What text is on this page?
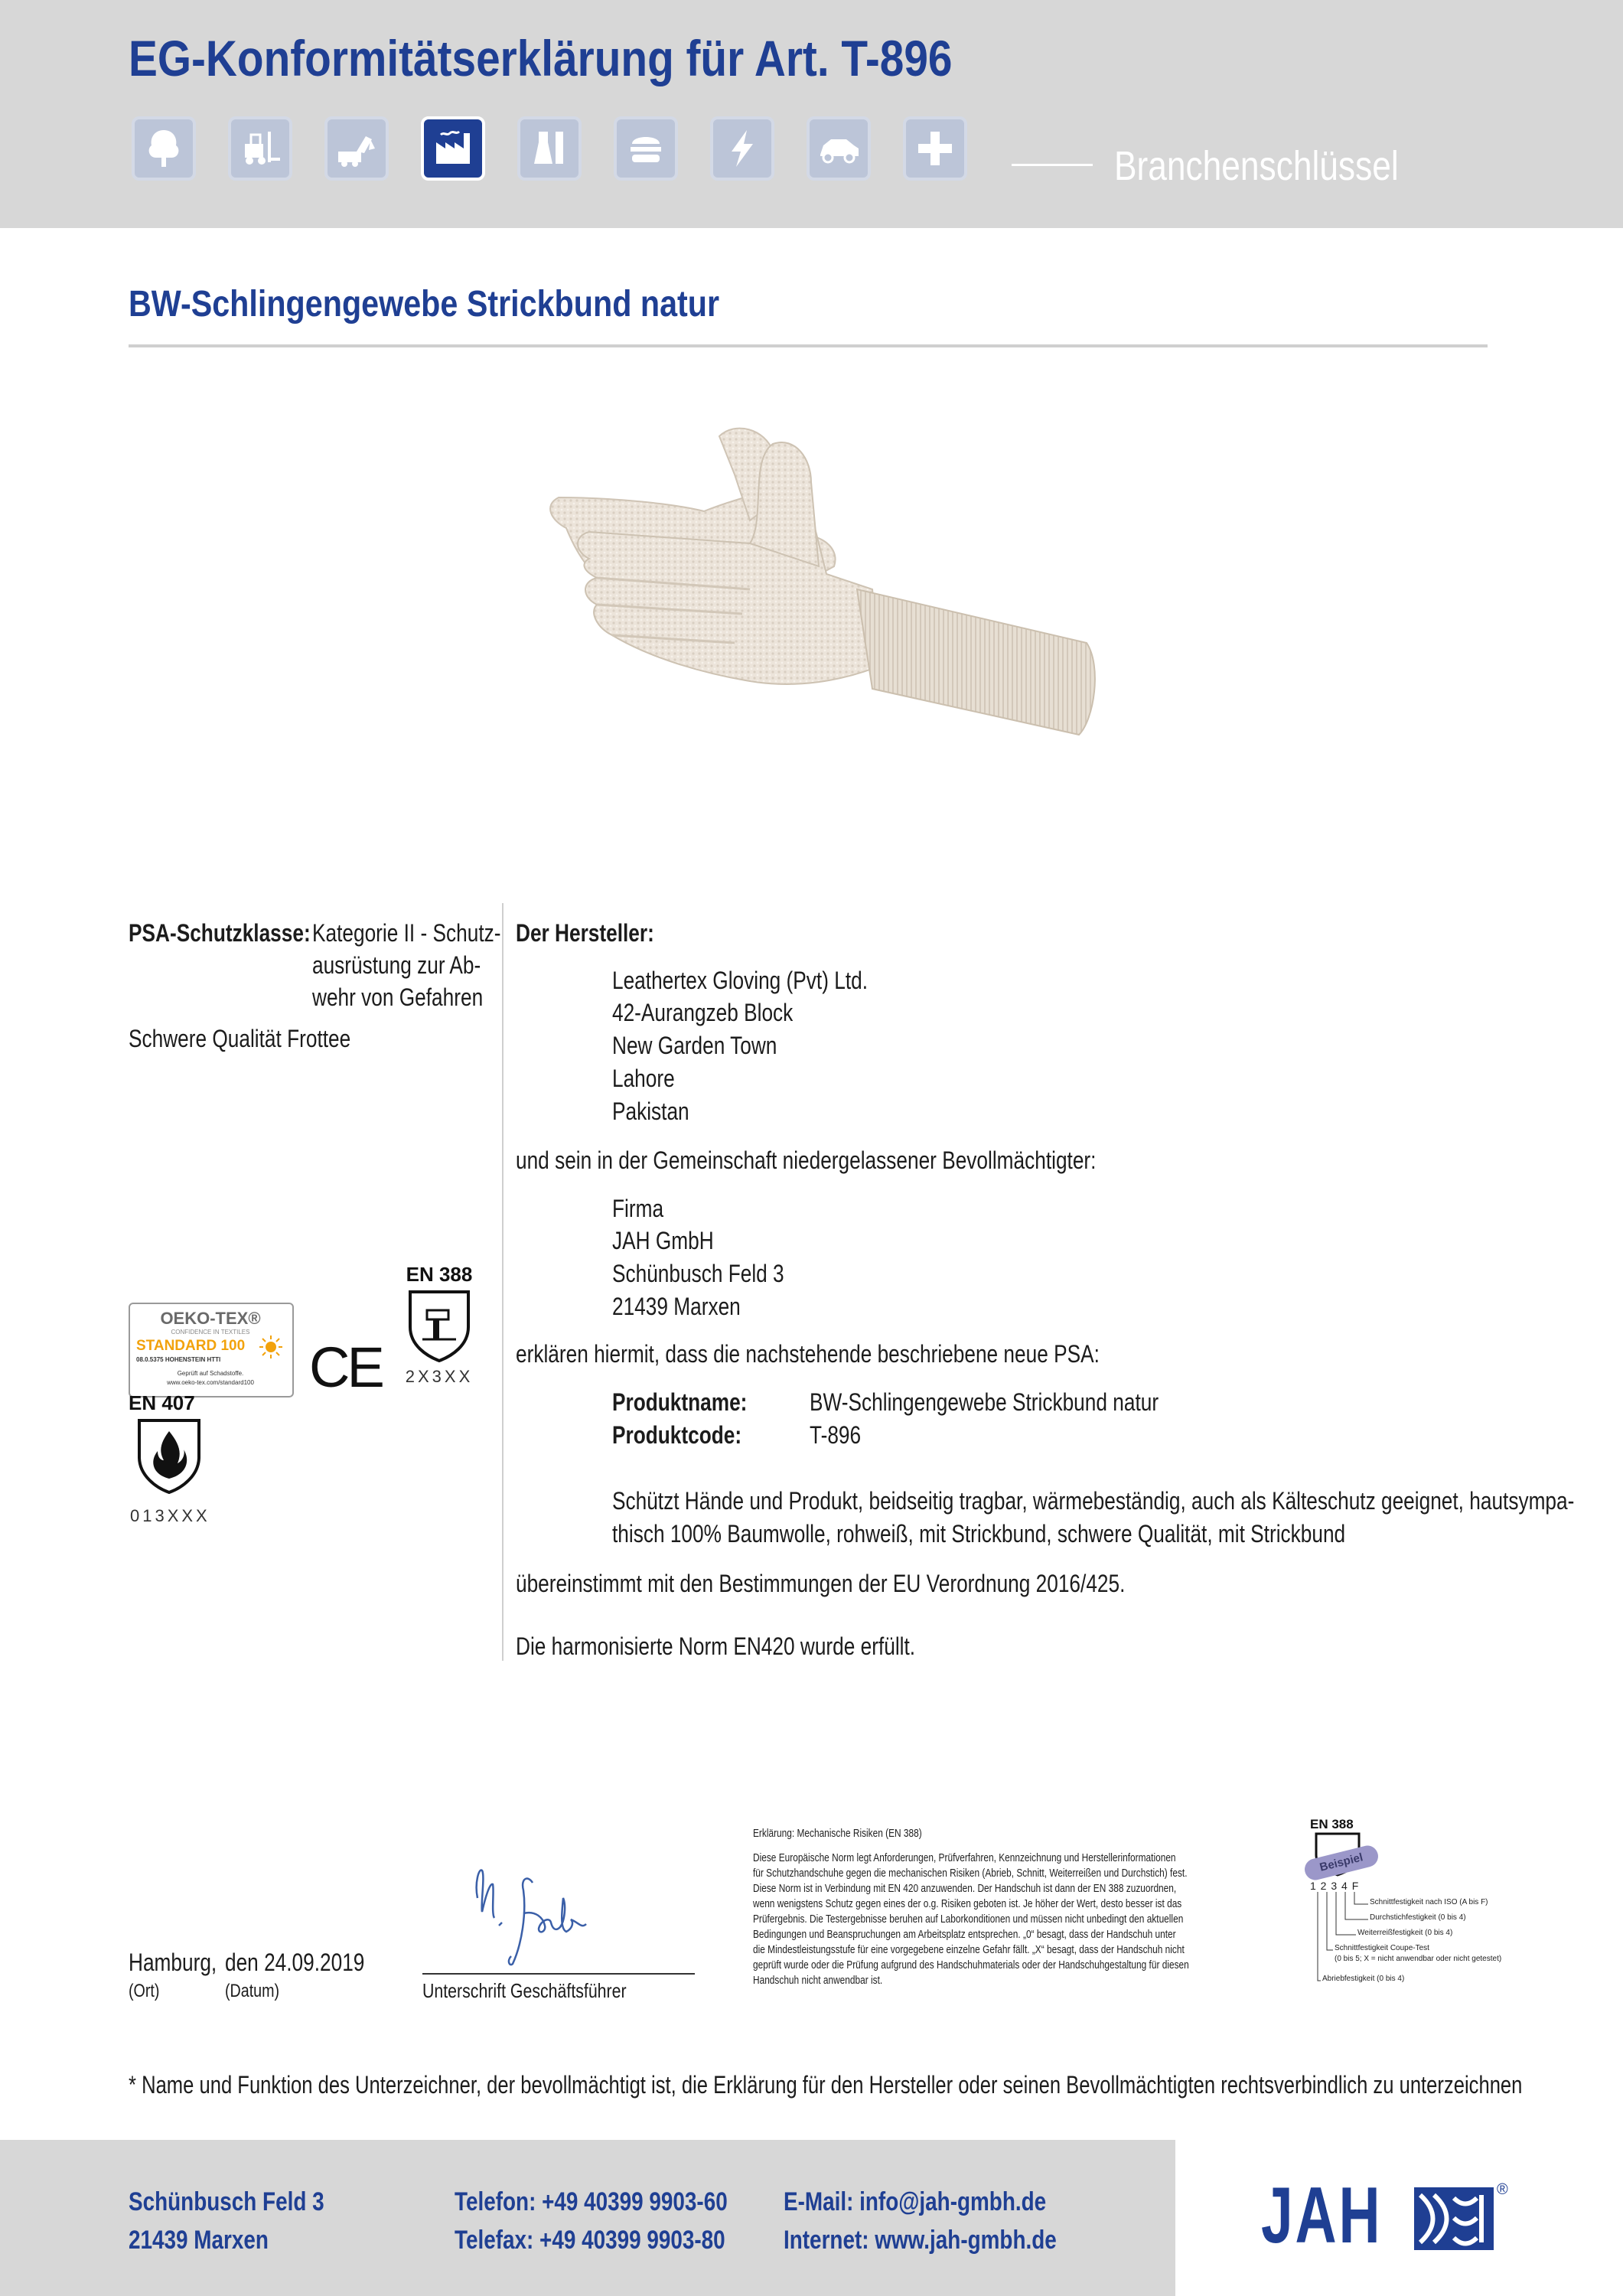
EG-Konformitätserklärung für Art. T-896
Branchenschlüssel
BW-Schlingengewebe Strickbund natur
PSA-Schutzklasse: Kategorie II - Schutz-
ausrüstung zur Ab-
wehr von Gefahren
Schwere Qualität Frottee
OEKO-TEX®
CONFIDENCE IN TEXTILES
STANDARD 100
08.0.5375 HOHENSTEIN HTTI
Geprüft auf Schadstoffe.
www.oeko-tex.com/standard100 CE
EN 388
2X3XX
EN 407
013XXX
Der Hersteller:
Leathertex Gloving (Pvt) Ltd.
42-Aurangzeb Block
New Garden Town
Lahore
Pakistan
und sein in der Gemeinschaft niedergelassener Bevollmächtigter:
Firma
JAH GmbH
Schünbusch Feld 3
21439 Marxen
erklären hiermit, dass die nachstehende beschriebene neue PSA:
Produktname:	BW-Schlingengewebe Strickbund natur
Produktcode:	T-896
Schützt Hände und Produkt, beidseitig tragbar, wärmebeständig, auch als Kälteschutz geeignet, hautsympa-
thisch 100% Baumwolle, rohweiß, mit Strickbund, schwere Qualität, mit Strickbund
übereinstimmt mit den Bestimmungen der EU Verordnung 2016/425.
Die harmonisierte Norm EN420 wurde erfüllt.
Hamburg, den 24.09.2019
(Ort)	(Datum)	Unterschrift Geschäftsführer
Erklärung: Mechanische Risiken (EN 388)
Diese Europäische Norm legt Anforderungen, Prüfverfahren, Kennzeichnung und Herstellerinformationen
für Schutzhandschuhe gegen die mechanischen Risiken (Abrieb, Schnitt, Weiterreißen und Durchstich) fest.
Diese Norm ist in Verbindung mit EN 420 anzuwenden. Der Handschuh ist dann der EN 388 zuzuordnen,
wenn wenigstens Schutz gegen eines der o.g. Risiken geboten ist. Je höher der Wert, desto besser ist das
Prüfergebnis. Die Testergebnisse beruhen auf Laborkonditionen und müssen nicht unbedingt den aktuellen
Bedingungen und Beanspruchungen am Arbeitsplatz entsprechen. „0“ besagt, dass der Handschuh unter
die Mindestleistungsstufe für eine vorgegebene einzelne Gefahr fällt. „X“ besagt, dass der Handschuh nicht
geprüft wurde oder die Prüfung aufgrund des Handschuhmaterials oder der Handschuhgestaltung für diesen
Handschuh nicht anwendbar ist.
EN 388
Beispiel
1 2 3 4 F
Schnittfestigkeit nach ISO (A bis F)
Durchstichfestigkeit (0 bis 4)
Weiterreißfestigkeit (0 bis 4)
Schnittfestigkeit Coupe-Test
(0 bis 5; X = nicht anwendbar oder nicht getestet)
Abriebfestigkeit (0 bis 4)
* Name und Funktion des Unterzeichner, der bevollmächtigt ist, die Erklärung für den Hersteller oder seinen Bevollmächtigten rechtsverbindlich zu unterzeichnen
Schünbusch Feld 3
21439 Marxen
Telefon: +49 40399 9903-60
Telefax: +49 40399 9903-80
E-Mail: info@jah-gmbh.de
Internet: www.jah-gmbh.de	JAH	®
